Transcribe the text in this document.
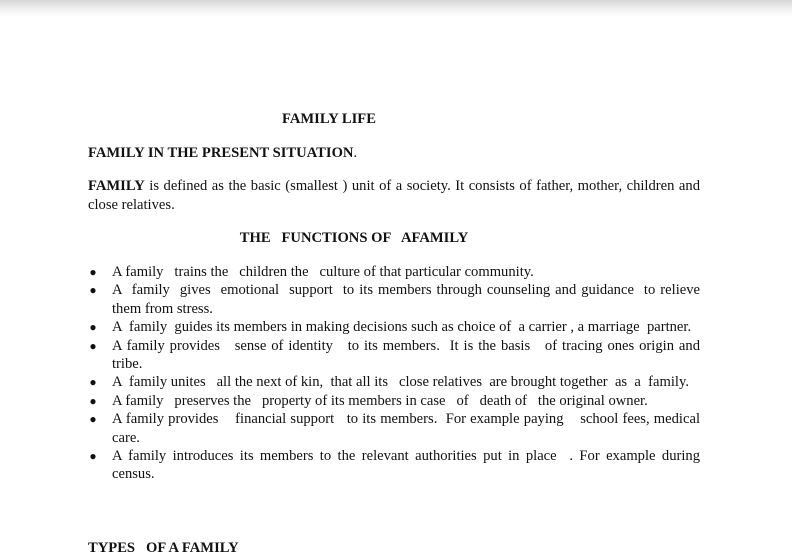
FAMILY LIFE
FAMILY IN THE PRESENT SITUATION.
FAMILY is defined as the basic (smallest ) unit of a society. It consists of father, mother, children and close relatives.
THE   FUNCTIONS OF   AFAMILY
● A family   trains the   children the   culture of that particular community.
● A  family  gives  emotional  support  to its members through counseling and guidance  to relieve them from stress.
● A  family  guides its members in making decisions such as choice of  a carrier , a marriage  partner.
● A family provides   sense of identity   to its members.  It is the basis   of tracing ones origin and tribe.
● A  family unites   all the next of kin,  that all its   close relatives  are brought together  as  a  family.
● A family   preserves the   property of its members in case   of   death of   the original owner.
● A family provides    financial support   to its members.  For example paying    school fees, medical care.
● A family introduces its members to the relevant authorities put in place  . For example during census.
TYPES   OF A FAMILY
